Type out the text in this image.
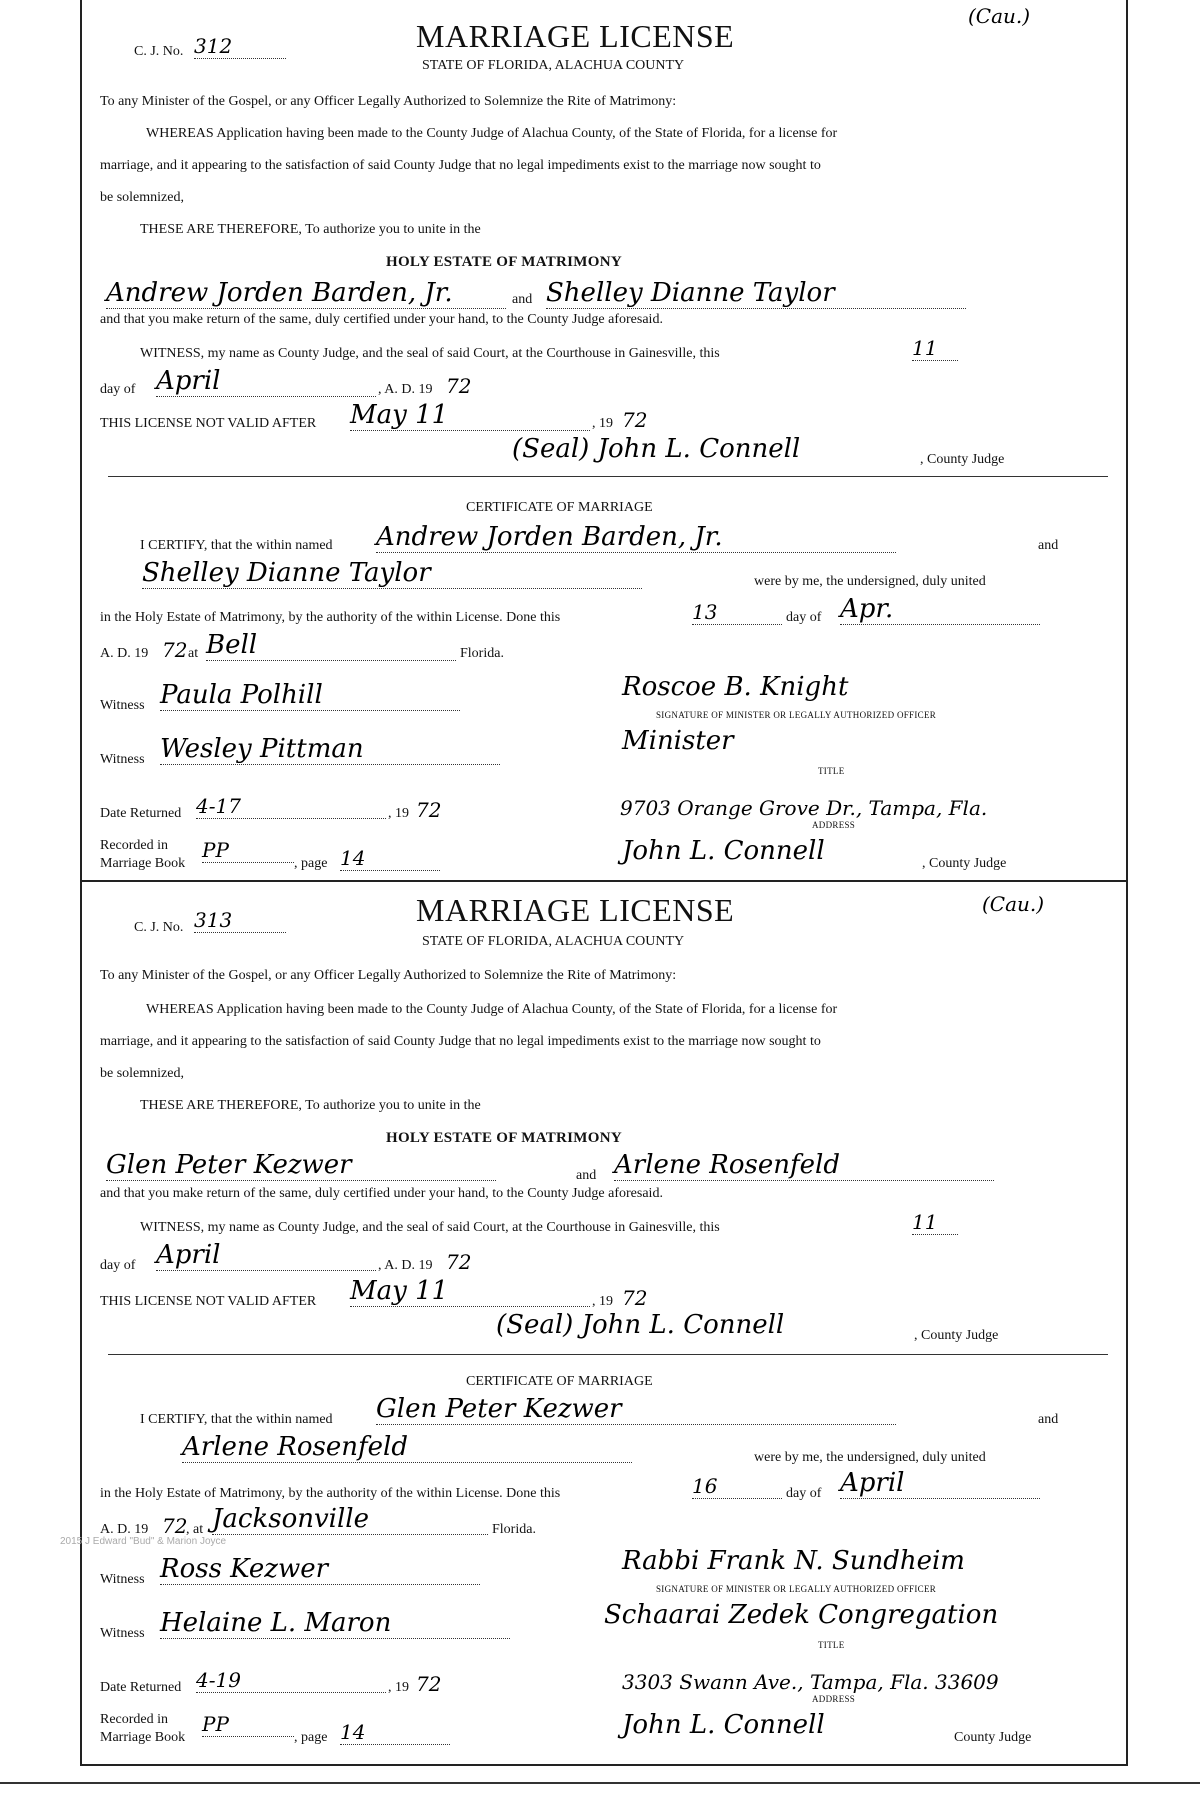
C. J. No. 312	MARRIAGE LICENSE
STATE OF FLORIDA, ALACHUA COUNTY
(Cau.)
To any Minister of the Gospel, or any Officer Legally Authorized to Solemnize the Rite of Matrimony:
WHEREAS Application having been made to the County Judge of Alachua County, of the State of Florida, for a license for
marriage, and it appearing to the satisfaction of said County Judge that no legal impediments exist to the marriage now sought to
be solemnized,
THESE ARE THEREFORE, To authorize you to unite in the
HOLY ESTATE OF MATRIMONY
Andrew Jorden Barden, Jr.	and Shelley Dianne Taylor
and that you make return of the same, duly certified under your hand, to the County Judge aforesaid.
WITNESS, my name as County Judge, and the seal of said Court, at the Courthouse in Gainesville, this	11
day of April	, A. D. 19 72
THIS LICENSE NOT VALID AFTER May 11	, 19 72
(Seal) John L. Connell	, County Judge
CERTIFICATE OF MARRIAGE
I CERTIFY, that the within named Andrew Jorden Barden, Jr.	and
Shelley Dianne Taylor	were by me, the undersigned, duly united
in the Holy Estate of Matrimony, by the authority of the within License. Done this	13	day of Apr.
A. D. 19 72 at Bell	Florida.
Witness Paula Polhill	Roscoe B. Knight
SIGNATURE OF MINISTER OR LEGALLY AUTHORIZED OFFICER
Witness Wesley Pittman	Minister
TITLE
Date Returned 4-17	, 19 72	9703 Orange Grove Dr., Tampa, Fla.
ADDRESS
Recorded in
Marriage Book
PP
, page 14	John L. Connell	, County Judge
C. J. No. 313	MARRIAGE LICENSE
STATE OF FLORIDA, ALACHUA COUNTY
(Cau.)
To any Minister of the Gospel, or any Officer Legally Authorized to Solemnize the Rite of Matrimony:
WHEREAS Application having been made to the County Judge of Alachua County, of the State of Florida, for a license for
marriage, and it appearing to the satisfaction of said County Judge that no legal impediments exist to the marriage now sought to
be solemnized,
THESE ARE THEREFORE, To authorize you to unite in the
HOLY ESTATE OF MATRIMONY
Glen Peter Kezwer	and Arlene Rosenfeld
and that you make return of the same, duly certified under your hand, to the County Judge aforesaid.
WITNESS, my name as County Judge, and the seal of said Court, at the Courthouse in Gainesville, this	11
day of April	, A. D. 19 72
THIS LICENSE NOT VALID AFTER May 11	, 19 72
(Seal) John L. Connell	, County Judge
CERTIFICATE OF MARRIAGE
I CERTIFY, that the within named Glen Peter Kezwer	and
Arlene Rosenfeld	were by me, the undersigned, duly united
in the Holy Estate of Matrimony, by the authority of the within License. Done this	16	day of April
A. D. 19 72
, at Jacksonville	Florida.
Witness Ross Kezwer	Rabbi Frank N. Sundheim
SIGNATURE OF MINISTER OR LEGALLY AUTHORIZED OFFICER
Witness Helaine L. Maron	Schaarai Zedek Congregation
TITLE
Date Returned 4-19	, 19 72	3303 Swann Ave., Tampa, Fla. 33609
ADDRESS
Recorded in
Marriage Book
PP
, page 14	John L. Connell	County Judge
2015 J Edward "Bud" & Marion Joyce
